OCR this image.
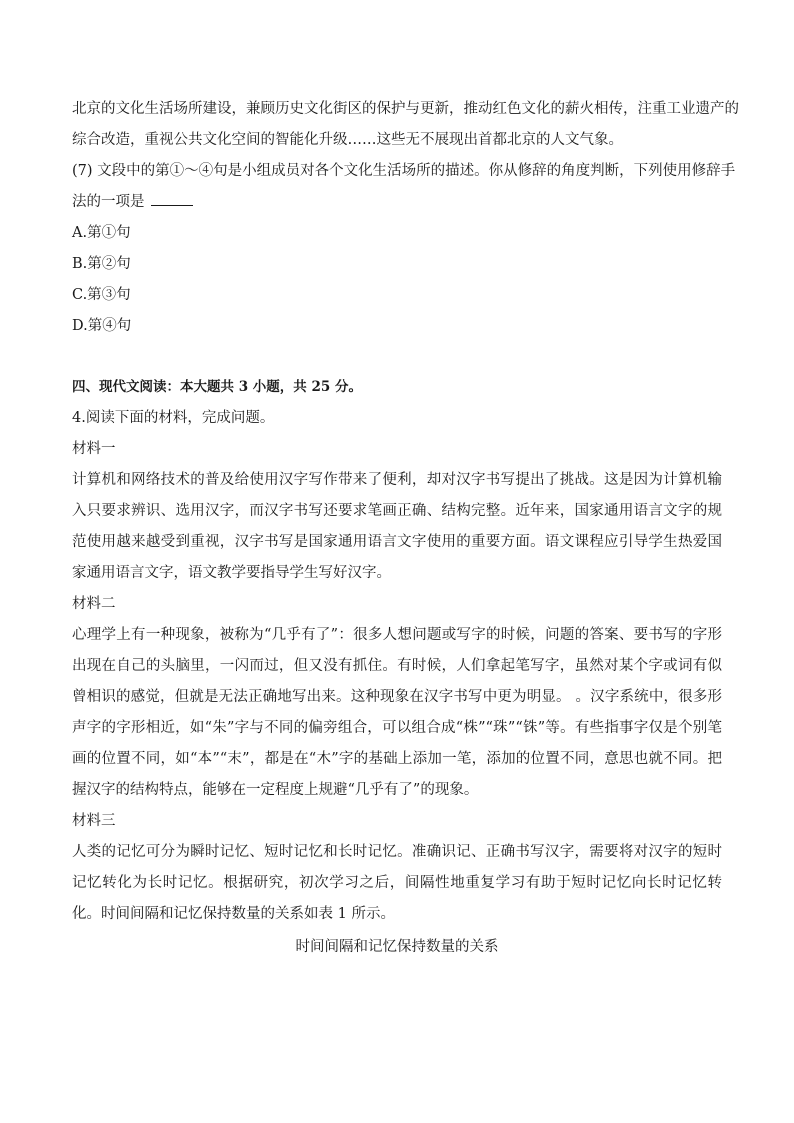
北京的文化生活场所建设，兼顾历史文化街区的保护与更新，推动红色文化的薪火相传，注重工业遗产的
综合改造，重视公共文化空间的智能化升级……这些无不展现出首都北京的人文气象。
(7) 文段中的第①～④句是小组成员对各个文化生活场所的描述。你从修辞的角度判断，下列使用修辞手
法的一项是
A.第①句
B.第②句
C.第③句
D.第④句
四、现代文阅读：本大题共 3 小题，共 25 分。
4.阅读下面的材料，完成问题。
材料一
计算机和网络技术的普及给使用汉字写作带来了便利，却对汉字书写提出了挑战。这是因为计算机输入只要求辨识、选用汉字，而汉字书写还要求笔画正确、结构完整。近年来，国家通用语言文字的规范使用越来越受到重视，汉字书写是国家通用语言文字使用的重要方面。语文课程应引导学生热爱国家通用语言文字，语文教学要指导学生写好汉字。
材料二
心理学上有一种现象，被称为“几乎有了”：很多人想问题或写字的时候，问题的答案、要书写的字形出现在自己的头脑里，一闪而过，但又没有抓住。有时候，人们拿起笔写字，虽然对某个字或词有似曾相识的感觉，但就是无法正确地写出来。这种现象在汉字书写中更为明显。 。汉字系统中，很多形声字的字形相近，如“朱”字与不同的偏旁组合，可以组合成“株”“珠”“铢”等。有些指事字仅是个别笔画的位置不同，如“本”“末”，都是在“木”字的基础上添加一笔，添加的位置不同，意思也就不同。把握汉字的结构特点，能够在一定程度上规避“几乎有了”的现象。
材料三
人类的记忆可分为瞬时记忆、短时记忆和长时记忆。准确识记、正确书写汉字，需要将对汉字的短时记忆转化为长时记忆。根据研究，初次学习之后，间隔性地重复学习有助于短时记忆向长时记忆转化。时间间隔和记忆保持数量的关系如表 1 所示。
时间间隔和记忆保持数量的关系
